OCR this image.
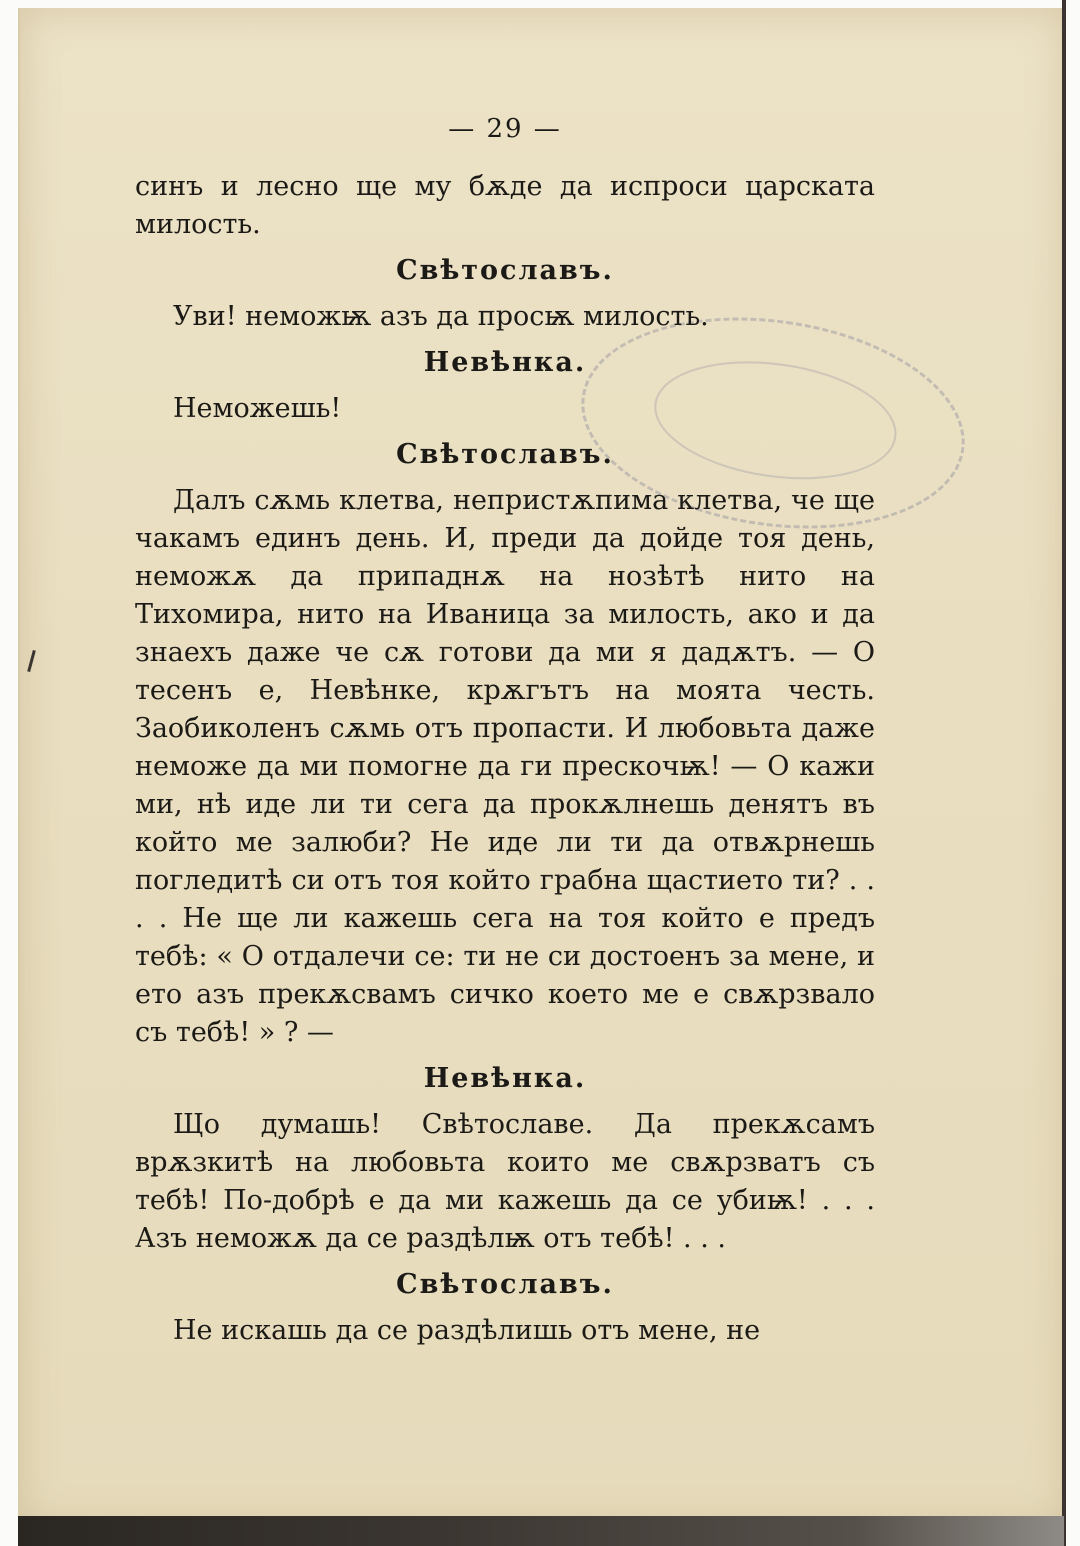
— 29 —

синъ и лесно ще му бѫде да испроси царската милость.

Свѣтославъ.

Уви! неможѭ азъ да просѭ милость.

Невѣнка.

Неможешь!

Свѣтославъ.

Далъ сѫмь клетва, непристѫпима клетва, че ще чакамъ единъ день. И, преди да дойде тоя день, неможѫ да припаднѫ на нозѣтѣ нито на Тихомира, нито на Иваница за милость, ако и да знаехъ даже че сѫ готови да ми я дадѫтъ. — О тесенъ е, Невѣнке, крѫгътъ на моята честь. Заобиколенъ сѫмь отъ пропасти. И любовьта даже неможе да ми помогне да ги прескочѭ! — О кажи ми, нѣ иде ли ти сега да прокѫлнешь денятъ въ който ме залюби? Не иде ли ти да отвѫрнешь погледитѣ си отъ тоя който грабна щастието ти? . . . . Не ще ли кажешь сега на тоя който е предъ тебѣ: « О отдалечи се: ти не си достоенъ за мене, и ето азъ прекѫсвамъ сичко което ме е свѫрзвало съ тебѣ! » ? —

Невѣнка.

Що думашь! Свѣтославе. Да прекѫсамъ врѫзкитѣ на любовьта които ме свѫрзватъ съ тебѣ! По-добрѣ е да ми кажешь да се убиѭ! . . . Азъ неможѫ да се раздѣлѭ отъ тебѣ! . . .

Свѣтославъ.

Не искашь да се раздѣлишь отъ мене, не
